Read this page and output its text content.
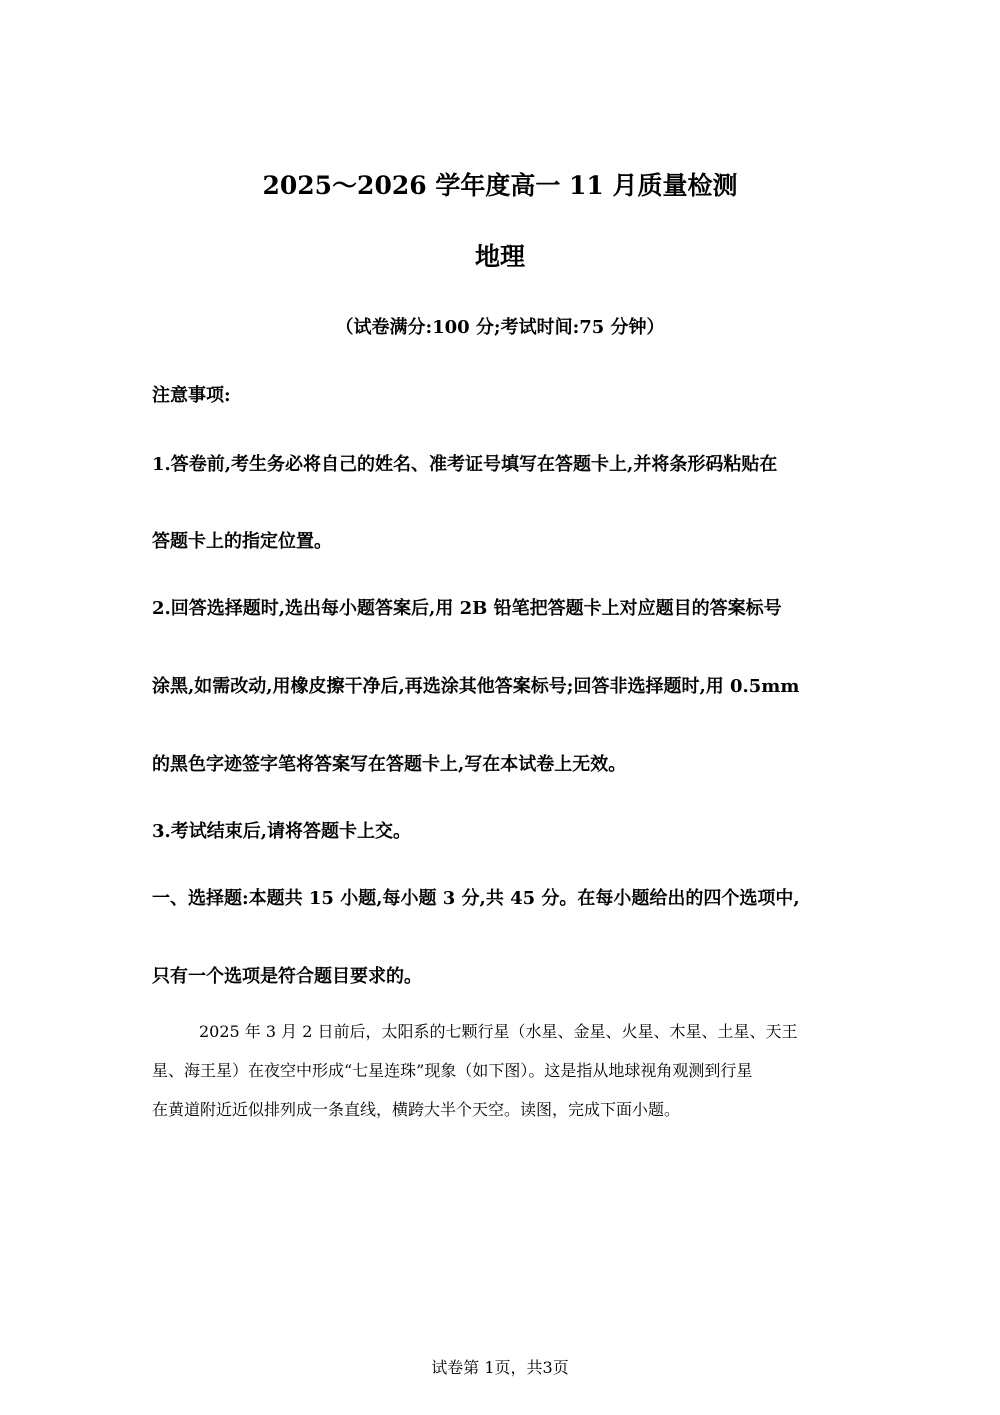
2025～2026 学年度高一 11 月质量检测
地理
（试卷满分:100 分;考试时间:75 分钟）
注意事项:
1.答卷前,考生务必将自己的姓名、准考证号填写在答题卡上,并将条形码粘贴在
答题卡上的指定位置。
2.回答选择题时,选出每小题答案后,用 2B 铅笔把答题卡上对应题目的答案标号
涂黑,如需改动,用橡皮擦干净后,再选涂其他答案标号;回答非选择题时,用 0.5mm
的黑色字迹签字笔将答案写在答题卡上,写在本试卷上无效。
3.考试结束后,请将答题卡上交。
一、选择题:本题共 15 小题,每小题 3 分,共 45 分。在每小题给出的四个选项中,
只有一个选项是符合题目要求的。
2025 年 3 月 2 日前后，太阳系的七颗行星（水星、金星、火星、木星、土星、天王
星、海王星）在夜空中形成“七星连珠”现象（如下图）。这是指从地球视角观测到行星
在黄道附近近似排列成一条直线，横跨大半个天空。读图，完成下面小题。
试卷第 1页，共3页
